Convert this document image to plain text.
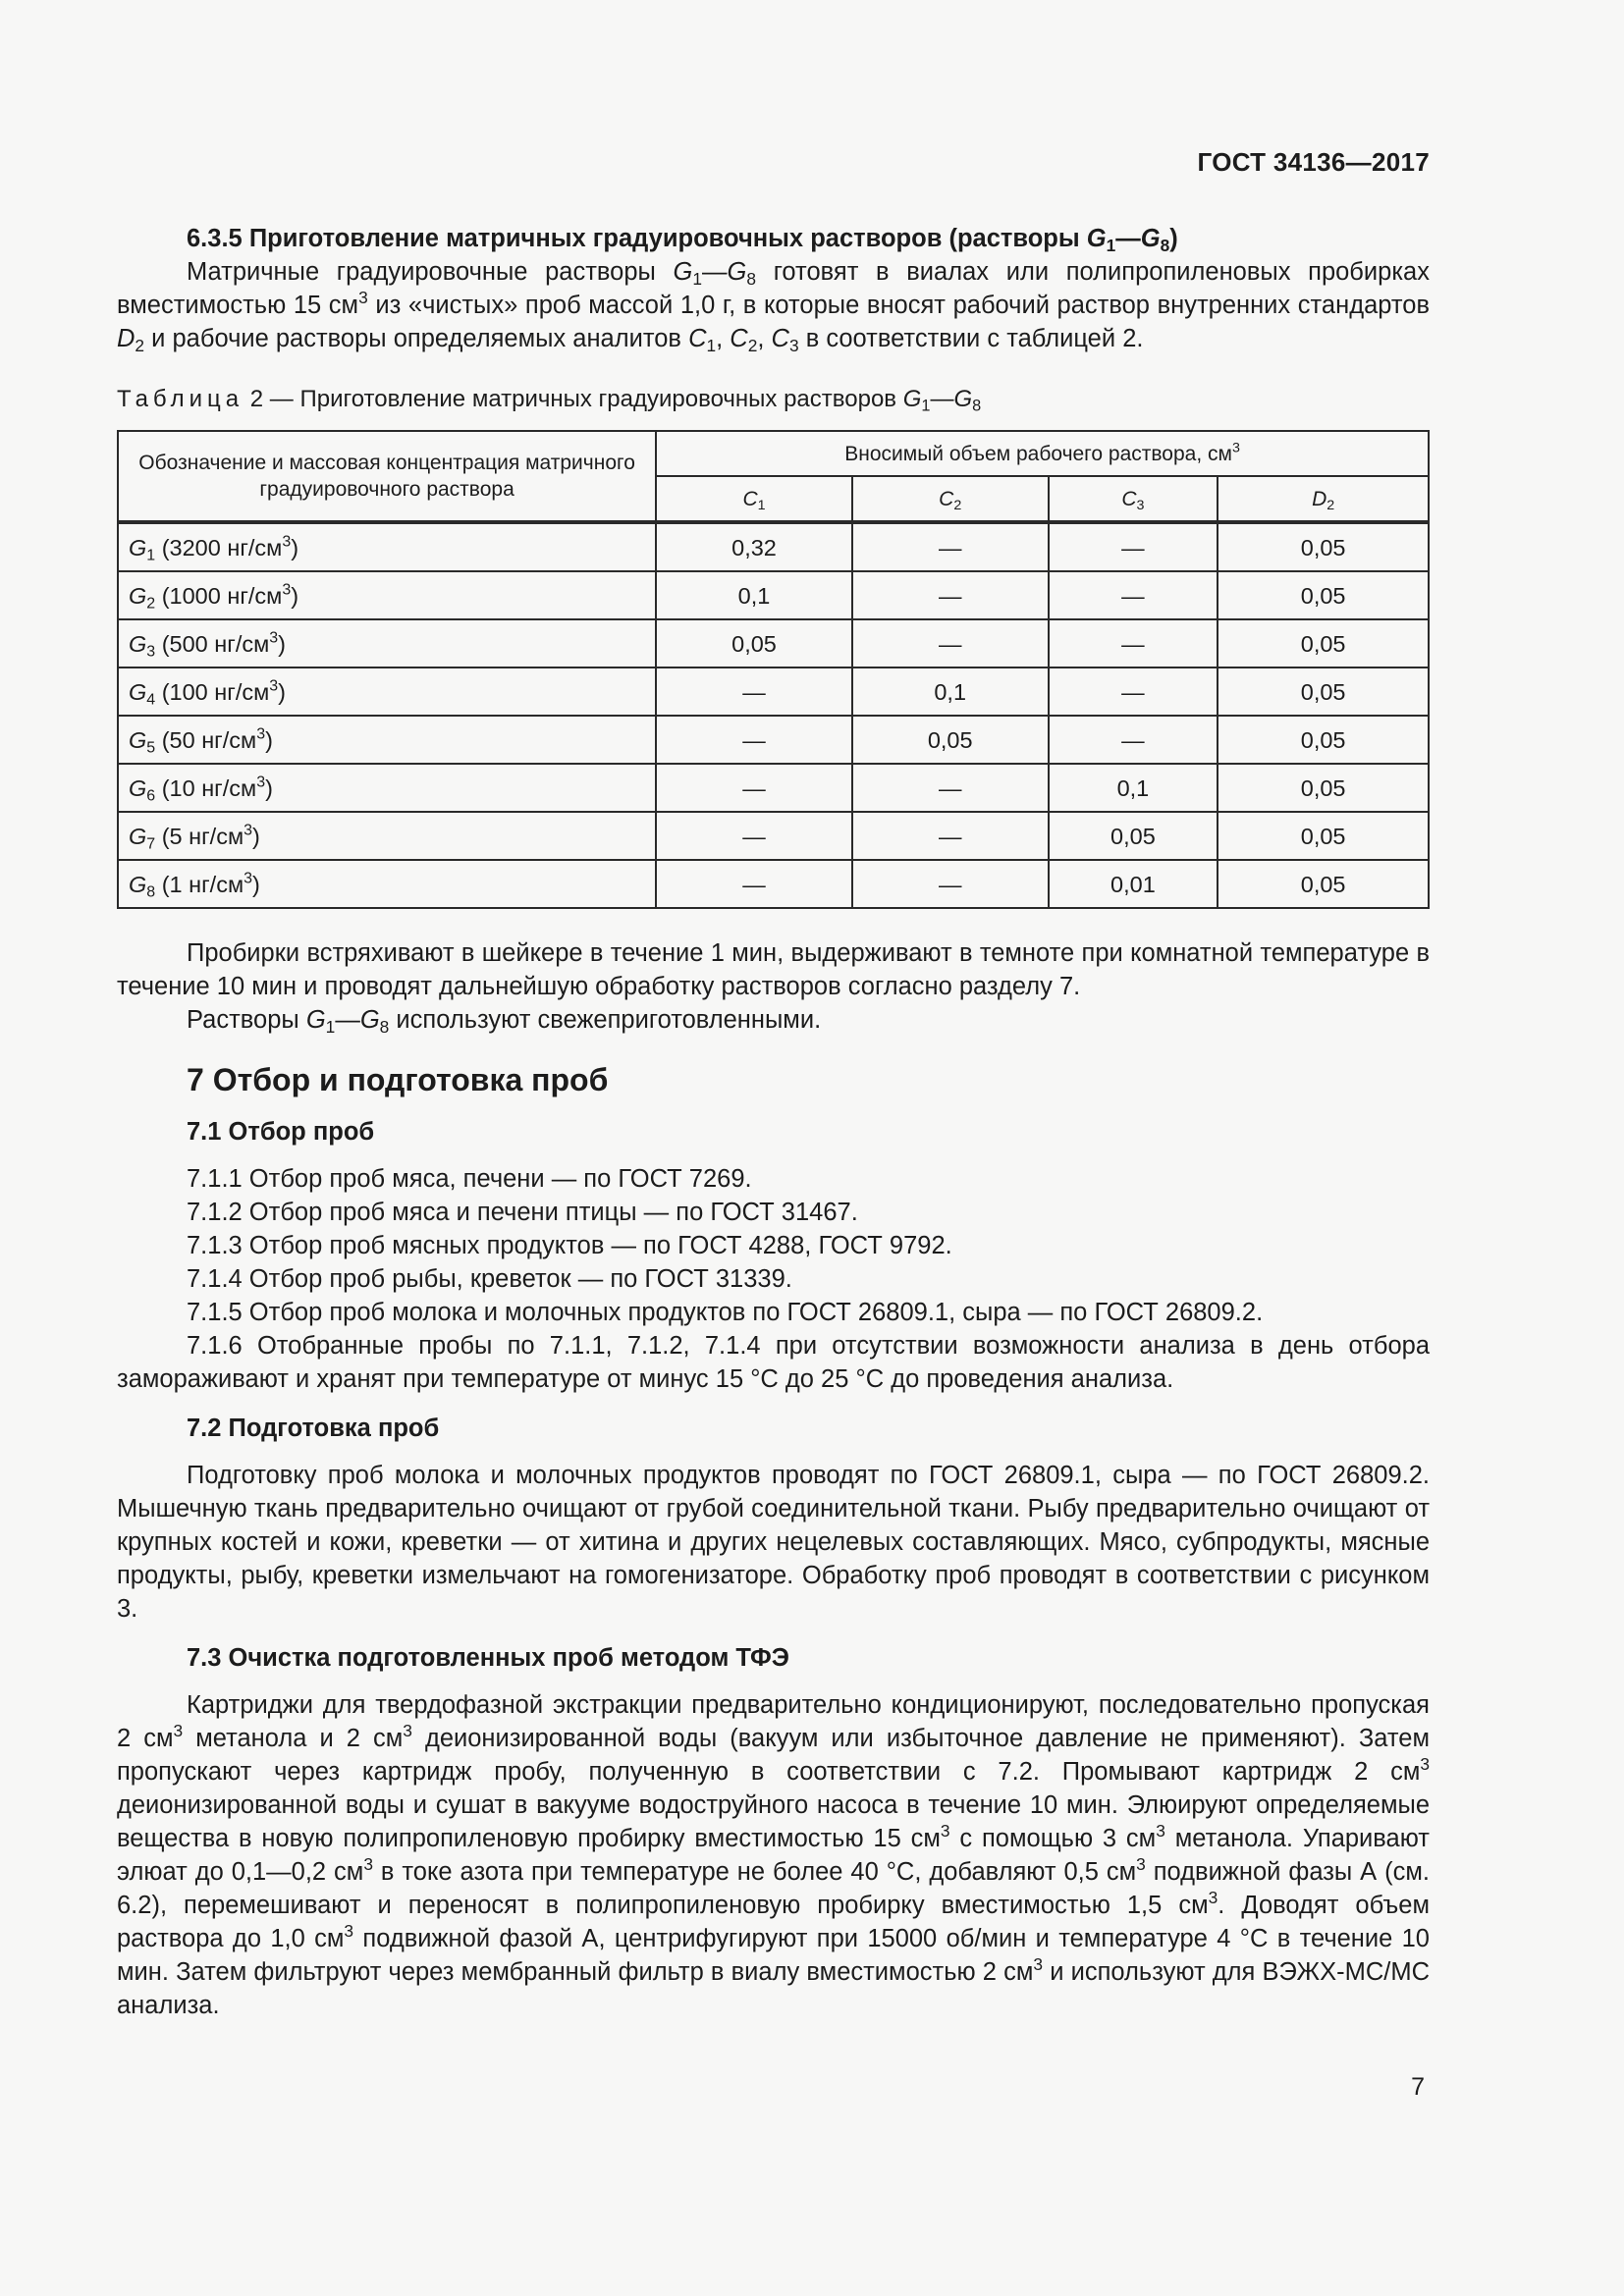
ГОСТ 34136—2017

6.3.5 Приготовление матричных градуировочных растворов (растворы $G_1—G_8$)

Матричные градуировочные растворы $G_1—G_8$ готовят в виалах или полипропиленовых пробирках вместимостью 15 $см^3$ из «чистых» проб массой 1,0 г, в которые вносят рабочий раствор внутренних стандартов $D_2$ и рабочие растворы определяемых аналитов $C_1$, $C_2$, $C_3$ в соответствии с таблицей 2.

Таблица 2 — Приготовление матричных градуировочных растворов $G_1—G_8$

Обозначение и массовая концентрация матричного градуировочного раствора	Вносимый объем рабочего раствора, $см^3$
	$C_1$	$C_2$	$C_3$	$D_2$
$G_1$ (3200 $нг/см^3$)	0,32	—	—	0,05
$G_2$ (1000 $нг/см^3$)	0,1	—	—	0,05
$G_3$ (500 $нг/см^3$)	0,05	—	—	0,05
$G_4$ (100 $нг/см^3$)	—	0,1	—	0,05
$G_5$ (50 $нг/см^3$)	—	0,05	—	0,05
$G_6$ (10 $нг/см^3$)	—	—	0,1	0,05
$G_7$ (5 $нг/см^3$)	—	—	0,05	0,05
$G_8$ (1 $нг/см^3$)	—	—	0,01	0,05

Пробирки встряхивают в шейкере в течение 1 мин, выдерживают в темноте при комнатной температуре в течение 10 мин и проводят дальнейшую обработку растворов согласно разделу 7.

Растворы $G_1—G_8$ используют свежеприготовленными.

7 Отбор и подготовка проб

7.1 Отбор проб

7.1.1 Отбор проб мяса, печени — по ГОСТ 7269.

7.1.2 Отбор проб мяса и печени птицы — по ГОСТ 31467.

7.1.3 Отбор проб мясных продуктов — по ГОСТ 4288, ГОСТ 9792.

7.1.4 Отбор проб рыбы, креветок — по ГОСТ 31339.

7.1.5 Отбор проб молока и молочных продуктов по ГОСТ 26809.1, сыра — по ГОСТ 26809.2.

7.1.6 Отобранные пробы по 7.1.1, 7.1.2, 7.1.4 при отсутствии возможности анализа в день отбора замораживают и хранят при температуре от минус 15 °С до 25 °С до проведения анализа.

7.2 Подготовка проб

Подготовку проб молока и молочных продуктов проводят по ГОСТ 26809.1, сыра — по ГОСТ 26809.2. Мышечную ткань предварительно очищают от грубой соединительной ткани. Рыбу предварительно очищают от крупных костей и кожи, креветки — от хитина и других нецелевых составляющих. Мясо, субпродукты, мясные продукты, рыбу, креветки измельчают на гомогенизаторе. Обработку проб проводят в соответствии с рисунком 3.

7.3 Очистка подготовленных проб методом ТФЭ

Картриджи для твердофазной экстракции предварительно кондиционируют, последовательно пропуская 2 $см^3$ метанола и 2 $см^3$ деионизированной воды (вакуум или избыточное давление не применяют). Затем пропускают через картридж пробу, полученную в соответствии с 7.2. Промывают картридж 2 $см^3$ деионизированной воды и сушат в вакууме водоструйного насоса в течение 10 мин. Элюируют определяемые вещества в новую полипропиленовую пробирку вместимостью 15 $см^3$ с помощью 3 $см^3$ метанола. Упаривают элюат до 0,1—0,2 $см^3$ в токе азота при температуре не более 40 °С, добавляют 0,5 $см^3$ подвижной фазы А (см. 6.2), перемешивают и переносят в полипропиленовую пробирку вместимостью 1,5 $см^3$. Доводят объем раствора до 1,0 $см^3$ подвижной фазой А, центрифугируют при 15000 об/мин и температуре 4 °С в течение 10 мин. Затем фильтруют через мембранный фильтр в виалу вместимостью 2 $см^3$ и используют для ВЭЖХ-МС/МС анализа.

7
